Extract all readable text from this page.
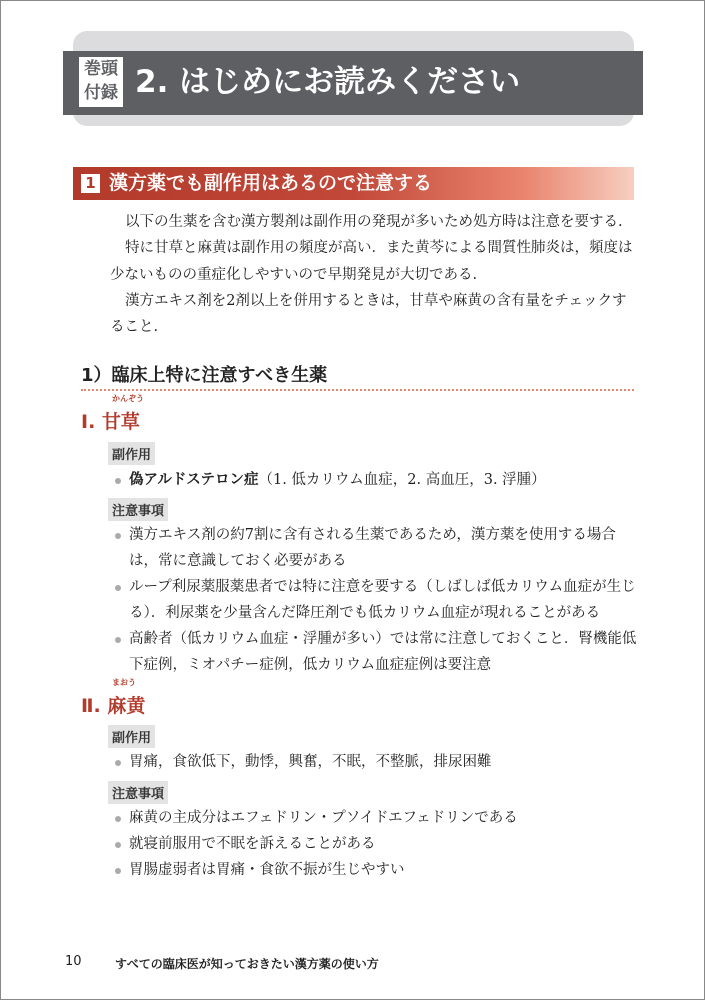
巻頭
付録 2. はじめにお読みください
1 漢方薬でも副作用はあるので注意する

以下の生薬を含む漢方製剤は副作用の発現が多いため処方時は注意を要する.

特に甘草と麻黄は副作用の頻度が高い．また黄芩による間質性肺炎は，頻度は少ないものの重症化しやすいので早期発見が大切である.

漢方エキス剤を2剤以上を併用するときは，甘草や麻黄の含有量をチェックすること.

1）臨床上特に注意すべき生薬
Ⅰ. 甘草
かんぞう
副作用
偽アルドステロン症（1. 低カリウム血症，2. 高血圧，3. 浮腫）
注意事項
漢方エキス剤の約7割に含有される生薬であるため，漢方薬を使用する場合は，常に意識しておく必要がある
ループ利尿薬服薬患者では特に注意を要する（しばしば低カリウム血症が生じる）．利尿薬を少量含んだ降圧剤でも低カリウム血症が現れることがある
高齢者（低カリウム血症・浮腫が多い）では常に注意しておくこと．腎機能低下症例，ミオパチー症例，低カリウム血症症例は要注意
Ⅱ. 麻黄
まおう
副作用
胃痛，食欲低下，動悸，興奮，不眠，不整脈，排尿困難
注意事項
麻黄の主成分はエフェドリン・プソイドエフェドリンである
就寝前服用で不眠を訴えることがある
胃腸虚弱者は胃痛・食欲不振が生じやすい
10	すべての臨床医が知っておきたい漢方薬の使い方
